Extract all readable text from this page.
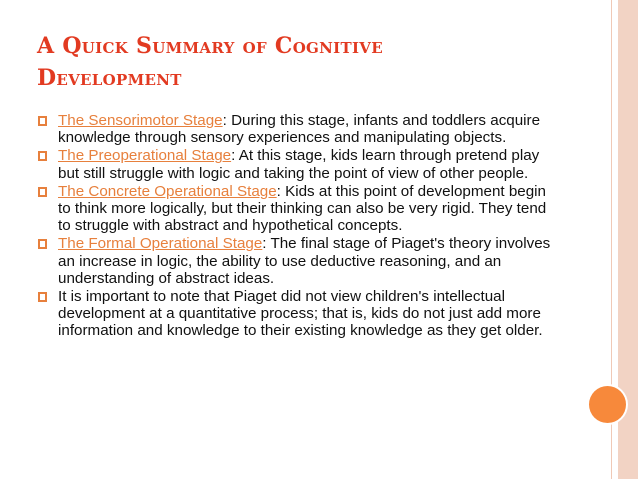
A Quick Summary of Cognitive
Development
The Sensorimotor Stage: During this stage, infants and toddlers acquire knowledge through sensory experiences and manipulating objects.
The Preoperational Stage: At this stage, kids learn through pretend play but still struggle with logic and taking the point of view of other people.
The Concrete Operational Stage: Kids at this point of development begin to think more logically, but their thinking can also be very rigid. They tend to struggle with abstract and hypothetical concepts.
The Formal Operational Stage: The final stage of Piaget's theory involves an increase in logic, the ability to use deductive reasoning, and an understanding of abstract ideas.
It is important to note that Piaget did not view children's intellectual development at a quantitative process; that is, kids do not just add more information and knowledge to their existing knowledge as they get older.
